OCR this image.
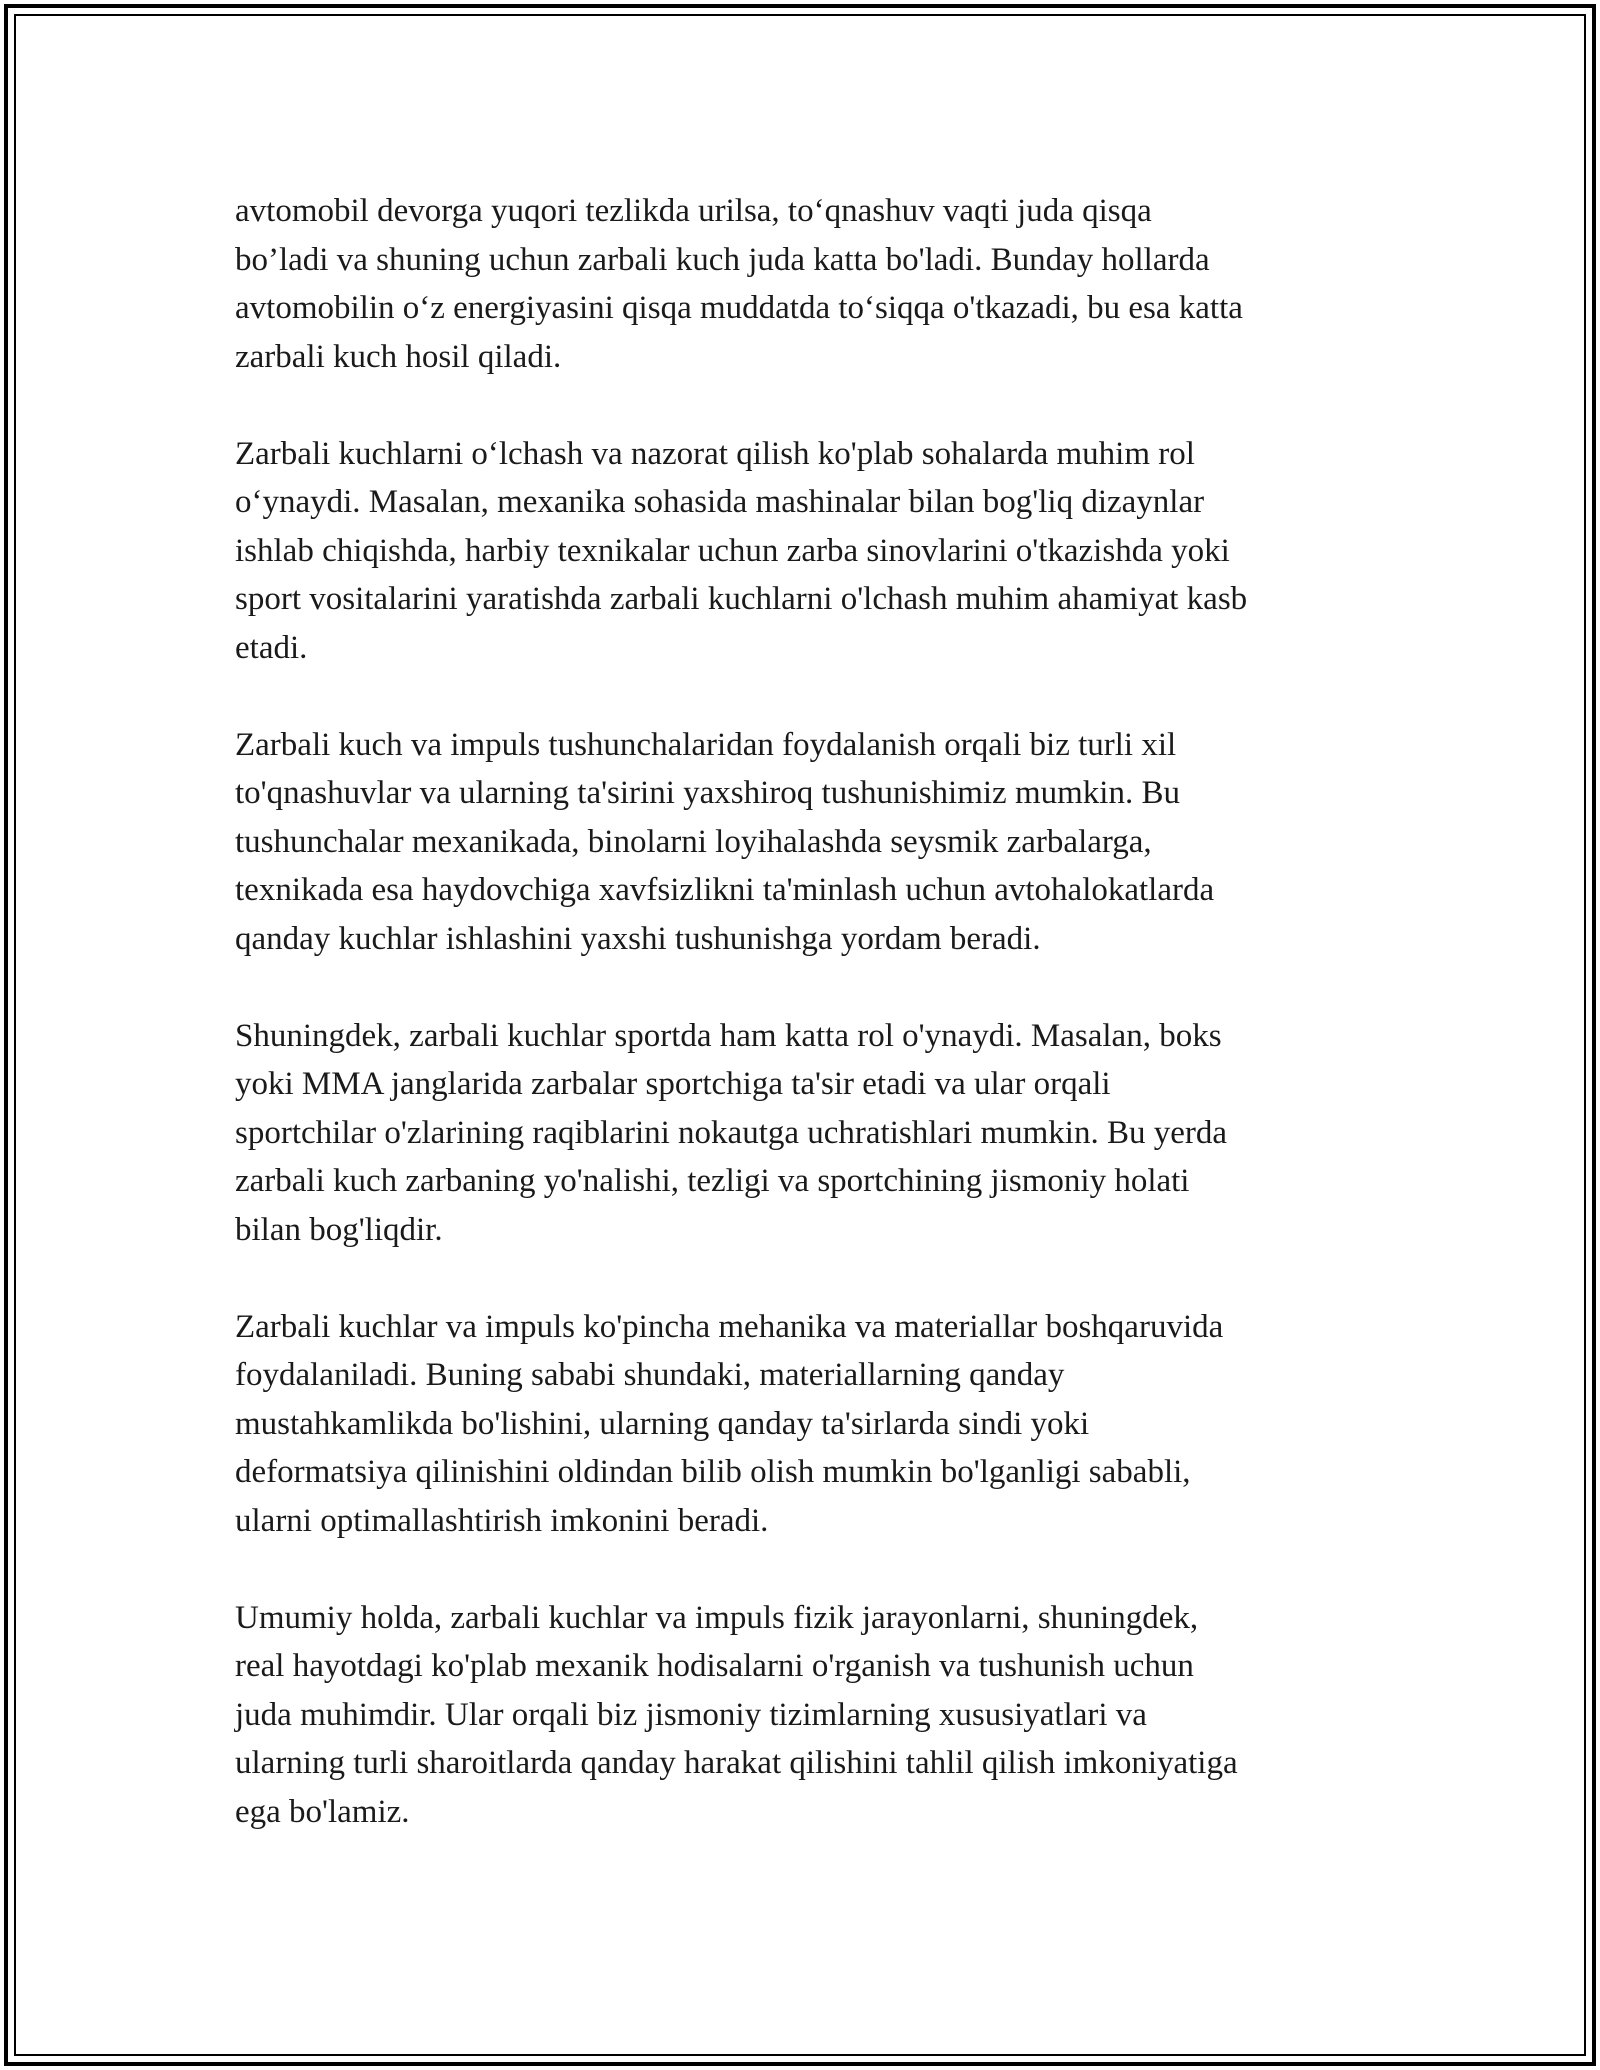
avtomobil devorga yuqori tezlikda urilsa, to‘qnashuv vaqti juda qisqa
bo’ladi va shuning uchun zarbali kuch juda katta bo'ladi. Bunday hollarda
avtomobilin o‘z energiyasini qisqa muddatda to‘siqqa o'tkazadi, bu esa katta
zarbali kuch hosil qiladi.

Zarbali kuchlarni o‘lchash va nazorat qilish ko'plab sohalarda muhim rol
o‘ynaydi. Masalan, mexanika sohasida mashinalar bilan bog'liq dizaynlar
ishlab chiqishda, harbiy texnikalar uchun zarba sinovlarini o'tkazishda yoki
sport vositalarini yaratishda zarbali kuchlarni o'lchash muhim ahamiyat kasb
etadi.

Zarbali kuch va impuls tushunchalaridan foydalanish orqali biz turli xil
to'qnashuvlar va ularning ta'sirini yaxshiroq tushunishimiz mumkin. Bu
tushunchalar mexanikada, binolarni loyihalashda seysmik zarbalarga,
texnikada esa haydovchiga xavfsizlikni ta'minlash uchun avtohalokatlarda
qanday kuchlar ishlashini yaxshi tushunishga yordam beradi.

Shuningdek, zarbali kuchlar sportda ham katta rol o'ynaydi. Masalan, boks
yoki MMA janglarida zarbalar sportchiga ta'sir etadi va ular orqali
sportchilar o'zlarining raqiblarini nokautga uchratishlari mumkin. Bu yerda
zarbali kuch zarbaning yo'nalishi, tezligi va sportchining jismoniy holati
bilan bog'liqdir.

Zarbali kuchlar va impuls ko'pincha mehanika va materiallar boshqaruvida
foydalaniladi. Buning sababi shundaki, materiallarning qanday
mustahkamlikda bo'lishini, ularning qanday ta'sirlarda sindi yoki
deformatsiya qilinishini oldindan bilib olish mumkin bo'lganligi sababli,
ularni optimallashtirish imkonini beradi.

Umumiy holda, zarbali kuchlar va impuls fizik jarayonlarni, shuningdek,
real hayotdagi ko'plab mexanik hodisalarni o'rganish va tushunish uchun
juda muhimdir. Ular orqali biz jismoniy tizimlarning xususiyatlari va
ularning turli sharoitlarda qanday harakat qilishini tahlil qilish imkoniyatiga
ega bo'lamiz.
